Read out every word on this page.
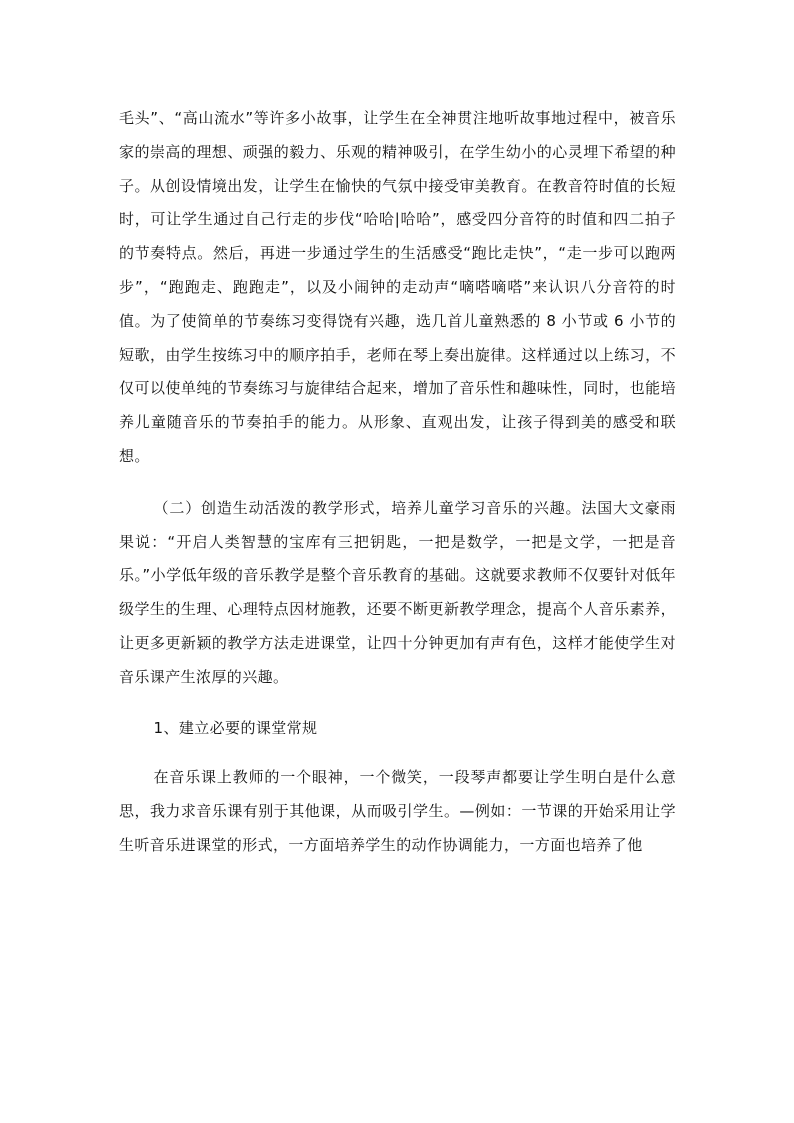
毛头”、“高山流水”等许多小故事，让学生在全神贯注地听故事地过程中，被音乐家的崇高的理想、顽强的毅力、乐观的精神吸引，在学生幼小的心灵埋下希望的种子。从创设情境出发，让学生在愉快的气氛中接受审美教育。在教音符时值的长短时，可让学生通过自己行走的步伐“哈哈|哈哈”，感受四分音符的时值和四二拍子的节奏特点。然后，再进一步通过学生的生活感受“跑比走快”，“走一步可以跑两步”，“跑跑走、跑跑走”，以及小闹钟的走动声“嘀嗒嘀嗒”来认识八分音符的时值。为了使简单的节奏练习变得饶有兴趣，选几首儿童熟悉的 8 小节或 6 小节的短歌，由学生按练习中的顺序拍手，老师在琴上奏出旋律。这样通过以上练习，不仅可以使单纯的节奏练习与旋律结合起来，增加了音乐性和趣味性，同时，也能培养儿童随音乐的节奏拍手的能力。从形象、直观出发，让孩子得到美的感受和联想。

（二）创造生动活泼的教学形式，培养儿童学习音乐的兴趣。法国大文豪雨果说：“开启人类智慧的宝库有三把钥匙，一把是数学，一把是文学，一把是音乐。”小学低年级的音乐教学是整个音乐教育的基础。这就要求教师不仅要针对低年级学生的生理、心理特点因材施教，还要不断更新教学理念，提高个人音乐素养，让更多更新颖的教学方法走进课堂，让四十分钟更加有声有色，这样才能使学生对音乐课产生浓厚的兴趣。

1、建立必要的课堂常规

在音乐课上教师的一个眼神，一个微笑，一段琴声都要让学生明白是什么意思，我力求音乐课有别于其他课，从而吸引学生。—例如：一节课的开始采用让学生听音乐进课堂的形式，一方面培养学生的动作协调能力，一方面也培养了他
